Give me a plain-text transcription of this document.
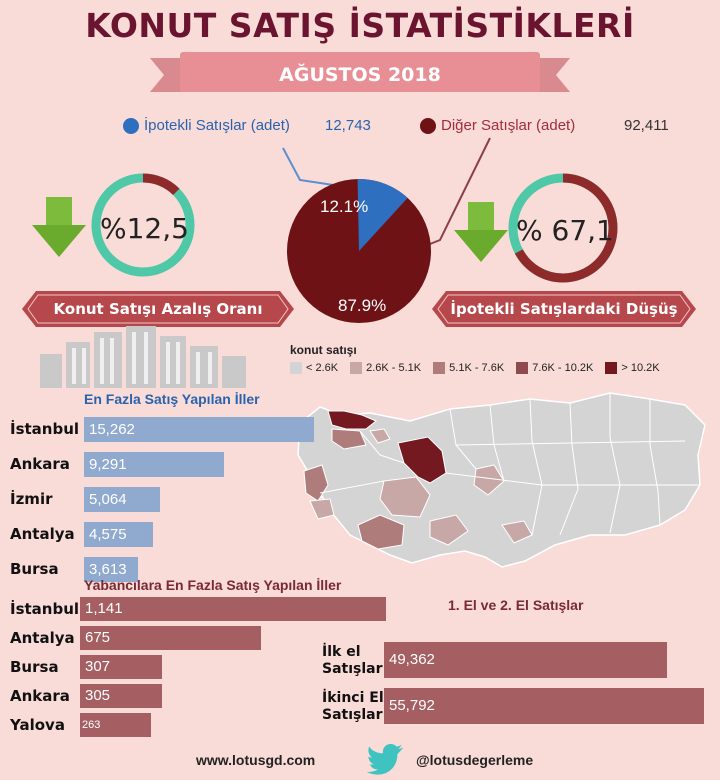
KONUT SATIŞ İSTATİSTİKLERİ
AĞUSTOS 2018
İpotekli Satışlar (adet) 12,743	Diğer Satışlar (adet)	92,411
12.1%
87.9%
%12,5	% 67,1
Konut Satışı Azalış Oranı	İpotekli Satışlardaki Düşüş
konut satışı
< 2.6K	2.6K - 5.1K	5.1K - 7.6K	7.6K - 10.2K	> 10.2K
En Fazla Satış Yapılan İller
İstanbul 15,262
Ankara	9,291
İzmir	5,064
Antalya 4,575
Bursa	3,613
Yabancılara En Fazla Satış Yapılan İller
İstanbul 1,141
Antalya 675
Bursa	307
Ankara	305
Yalova 263
1. El ve 2. El Satışlar
İlk el Satışlar
49,362
İkinci El Satışlar
55,792
www.lotusgd.com	@lotusdegerleme
